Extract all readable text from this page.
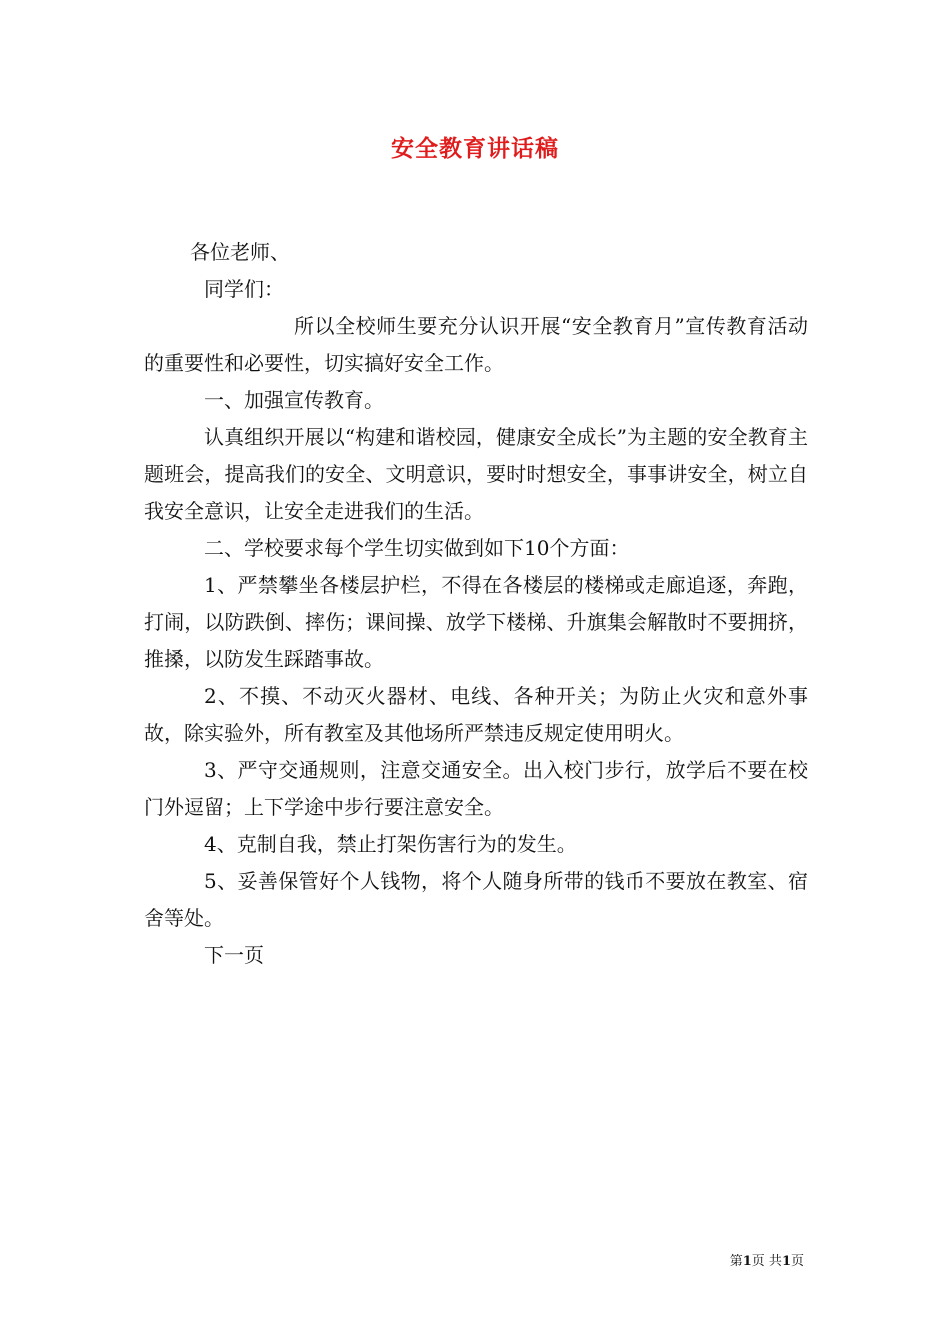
安全教育讲话稿

各位老师、

同学们：

所以全校师生要充分认识开展“安全教育月”宣传教育活动的重要性和必要性，切实搞好安全工作。

一、加强宣传教育。

认真组织开展以“构建和谐校园，健康安全成长”为主题的安全教育主题班会，提高我们的安全、文明意识，要时时想安全，事事讲安全，树立自我安全意识，让安全走进我们的生活。

二、学校要求每个学生切实做到如下10个方面：

1、严禁攀坐各楼层护栏，不得在各楼层的楼梯或走廊追逐，奔跑，打闹，以防跌倒、摔伤；课间操、放学下楼梯、升旗集会解散时不要拥挤，推搡，以防发生踩踏事故。

2、不摸、不动灭火器材、电线、各种开关；为防止火灾和意外事故，除实验外，所有教室及其他场所严禁违反规定使用明火。

3、严守交通规则，注意交通安全。出入校门步行，放学后不要在校门外逗留；上下学途中步行要注意安全。

4、克制自我，禁止打架伤害行为的发生。

5、妥善保管好个人钱物，将个人随身所带的钱币不要放在教室、宿舍等处。

下一页

第1页 共1页
